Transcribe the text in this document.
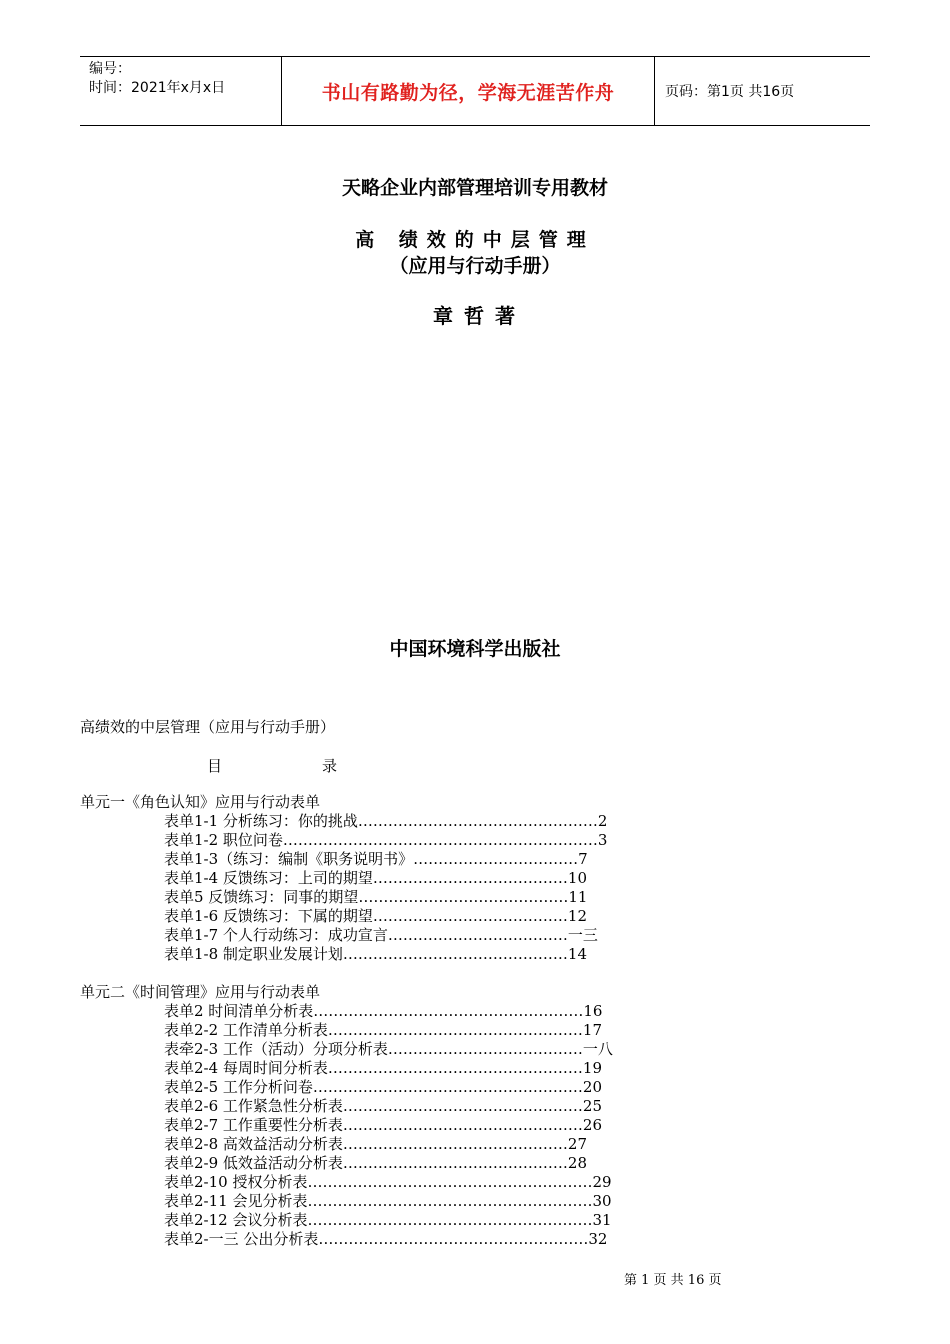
编号：
时间：2021年x月x日	书山有路勤为径，学海无涯苦作舟	页码：第1页 共16页
天略企业内部管理培训专用教材
高 绩效的中层管理
（应用与行动手册）
章 哲 著
中国环境科学出版社
高绩效的中层管理（应用与行动手册）
目	录
单元一《角色认知》应用与行动表单
表单1-1 分析练习：你的挑战…………………………………………2
表单1-2 职位问卷………………………………………………………3
表单1-3（练习：编制《职务说明书》……………………………7
表单1-4 反馈练习：上司的期望…………………………………10
表单5 反馈练习：同事的期望……………………………………11
表单1-6 反馈练习：下属的期望…………………………………12
表单1-7 个人行动练习：成功宣言………………………………一三
表单1-8 制定职业发展计划………………………………………14
单元二《时间管理》应用与行动表单
表单2 时间清单分析表………………………………………………16
表单2-2 工作清单分析表……………………………………………17
表牵2-3 工作（活动）分项分析表…………………………………一八
表单2-4 每周时间分析表……………………………………………19
表单2-5 工作分析问卷………………………………………………20
表单2-6 工作紧急性分析表…………………………………………25
表单2-7 工作重要性分析表…………………………………………26
表单2-8 高效益活动分析表………………………………………27
表单2-9 低效益活动分析表………………………………………28
表单2-10 授权分析表…………………………………………………29
表单2-11 会见分析表…………………………………………………30
表单2-12 会议分析表…………………………………………………31
表单2-一三 公出分析表………………………………………………32
第 1 页 共 16 页
